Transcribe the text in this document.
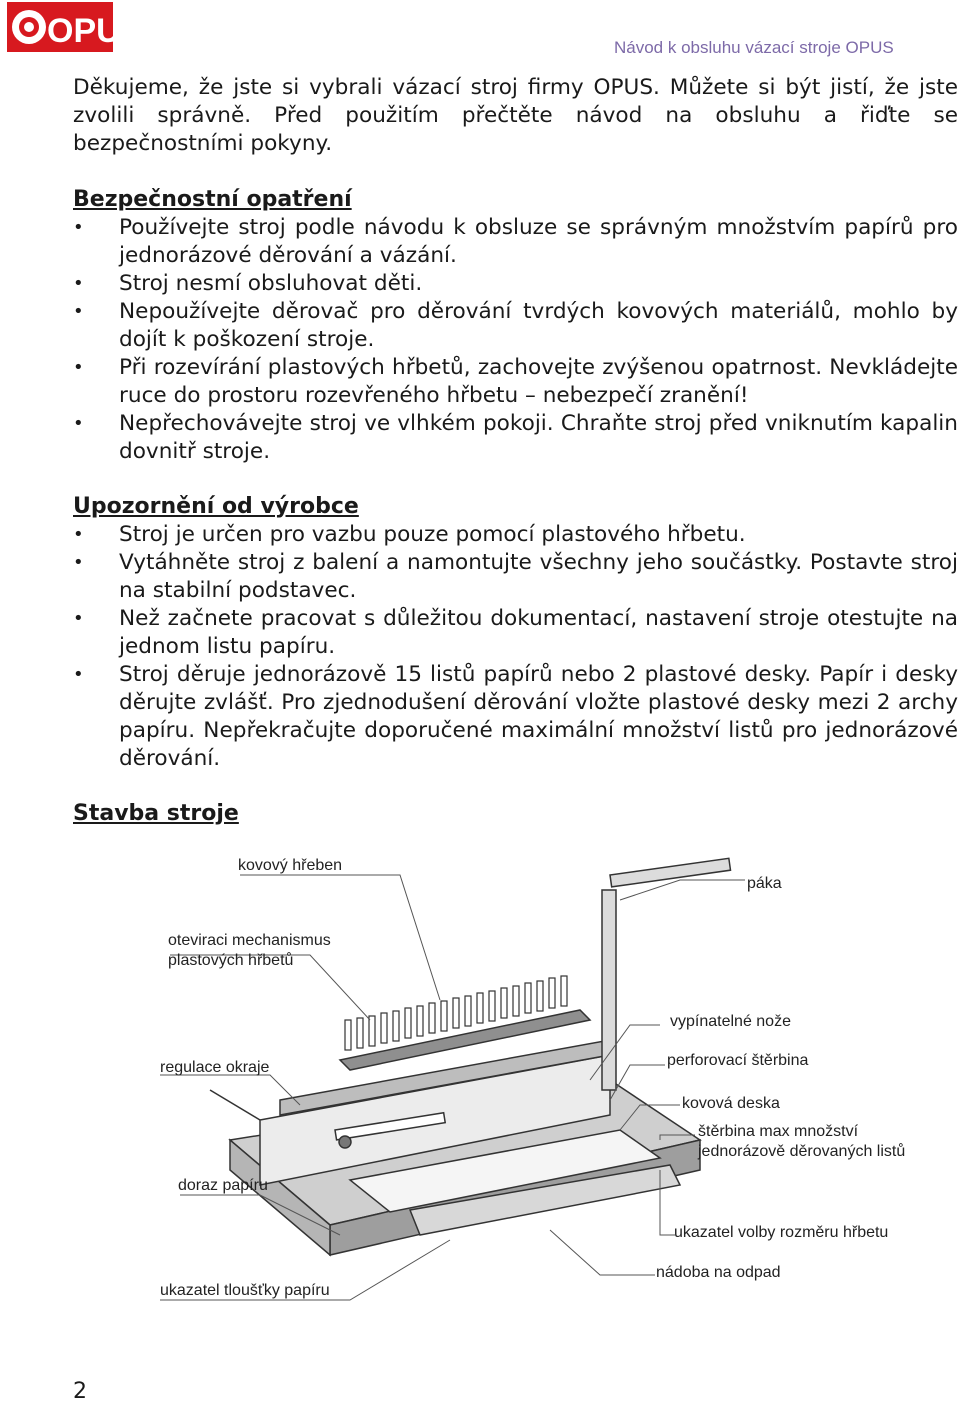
OPUS	Návod k obsluhu vázací stroje OPUS

Děkujeme, že jste si vybrali vázací stroj firmy OPUS. Můžete si být jistí, že jste zvolili správně. Před použitím přečtěte návod na obsluhu a řiďte se bezpečnostními pokyny.

Bezpečnostní opatření
• Používejte stroj podle návodu k obsluze se správným množstvím papírů pro jednorázové děrování a vázání.
• Stroj nesmí obsluhovat děti.
• Nepoužívejte děrovač pro děrování tvrdých kovových materiálů, mohlo by dojít k poškození stroje.
• Při rozevírání plastových hřbetů, zachovejte zvýšenou opatrnost. Nevkládejte ruce do prostoru rozevřeného hřbetu – nebezpečí zranění!
• Nepřechovávejte stroj ve vlhkém pokoji. Chraňte stroj před vniknutím kapalin dovnitř stroje.
Upozornění od výrobce
• Stroj je určen pro vazbu pouze pomocí plastového hřbetu.
• Vytáhněte stroj z balení a namontujte všechny jeho součástky. Postavte stroj na stabilní podstavec.
• Než začnete pracovat s důležitou dokumentací, nastavení stroje otestujte na jednom listu papíru.
• Stroj děruje jednorázově 15 listů papírů nebo 2 plastové desky. Papír i desky děrujte zvlášť. Pro zjednodušení děrování vložte plastové desky mezi 2 archy papíru. Nepřekračujte doporučené maximální množství listů pro jednorázové děrování.
Stavba stroje
kovový hřeben
oteviraci mechanismus
plastových hřbetů
regulace okraje
doraz papíru
ukazatel tloušťky papíru
páka
vypínatelné nože
perforovací štěrbina
kovová deska
štěrbina max množství
jednorázově děrovaných listů
ukazatel volby rozměru hřbetu
nádoba na odpad
2
